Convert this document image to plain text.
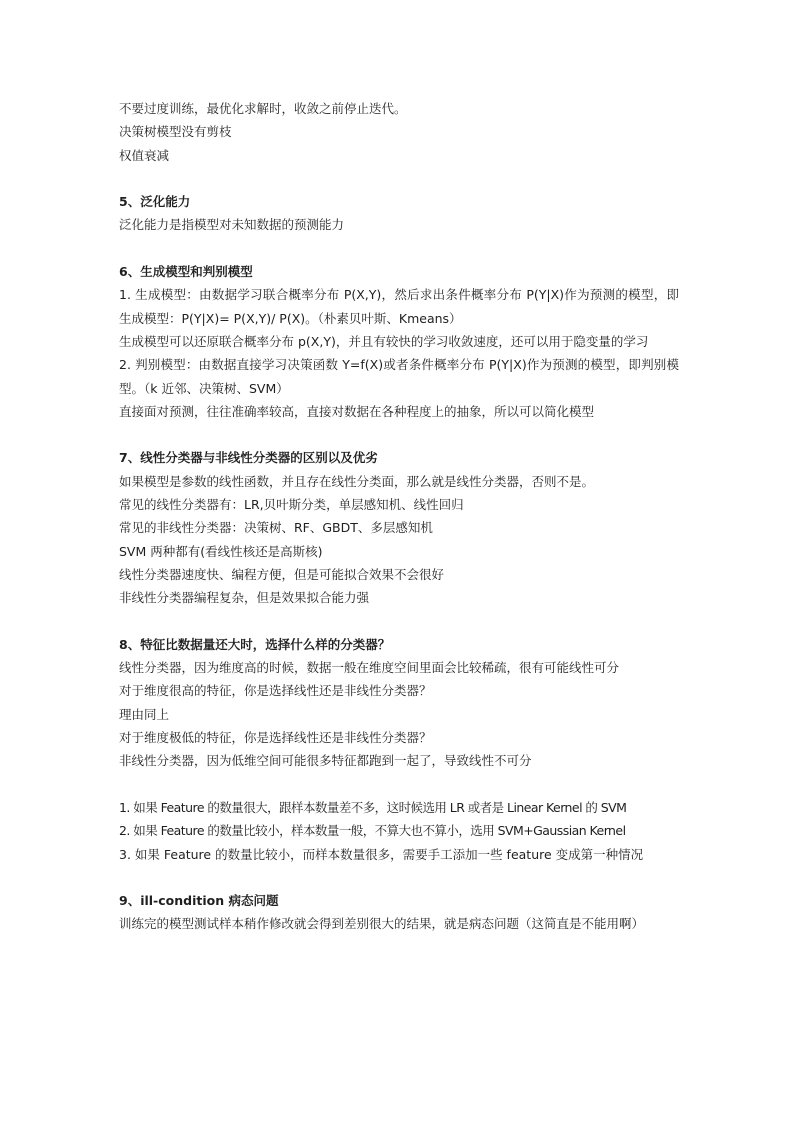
不要过度训练，最优化求解时，收敛之前停止迭代。
决策树模型没有剪枝
权值衰减
5、泛化能力
泛化能力是指模型对未知数据的预测能力
6、生成模型和判别模型
1. 生成模型：由数据学习联合概率分布 P(X,Y)，然后求出条件概率分布 P(Y|X)作为预测的模型，即生成模型：P(Y|X)= P(X,Y)/ P(X)。（朴素贝叶斯、Kmeans）
生成模型可以还原联合概率分布 p(X,Y)，并且有较快的学习收敛速度，还可以用于隐变量的学习
2. 判别模型：由数据直接学习决策函数 Y=f(X)或者条件概率分布 P(Y|X)作为预测的模型，即判别模型。（k 近邻、决策树、SVM）
直接面对预测，往往准确率较高，直接对数据在各种程度上的抽象，所以可以简化模型
7、线性分类器与非线性分类器的区别以及优劣
如果模型是参数的线性函数，并且存在线性分类面，那么就是线性分类器，否则不是。
常见的线性分类器有：LR,贝叶斯分类，单层感知机、线性回归
常见的非线性分类器：决策树、RF、GBDT、多层感知机
SVM 两种都有(看线性核还是高斯核)
线性分类器速度快、编程方便，但是可能拟合效果不会很好
非线性分类器编程复杂，但是效果拟合能力强
8、特征比数据量还大时，选择什么样的分类器？
线性分类器，因为维度高的时候，数据一般在维度空间里面会比较稀疏，很有可能线性可分
对于维度很高的特征，你是选择线性还是非线性分类器？
理由同上
对于维度极低的特征，你是选择线性还是非线性分类器？
非线性分类器，因为低维空间可能很多特征都跑到一起了，导致线性不可分
1. 如果 Feature 的数量很大，跟样本数量差不多，这时候选用 LR 或者是 Linear Kernel 的 SVM
2. 如果 Feature 的数量比较小，样本数量一般，不算大也不算小，选用 SVM+Gaussian Kernel
3. 如果 Feature 的数量比较小，而样本数量很多，需要手工添加一些 feature 变成第一种情况
9、ill-condition 病态问题
训练完的模型测试样本稍作修改就会得到差别很大的结果，就是病态问题（这简直是不能用啊）
